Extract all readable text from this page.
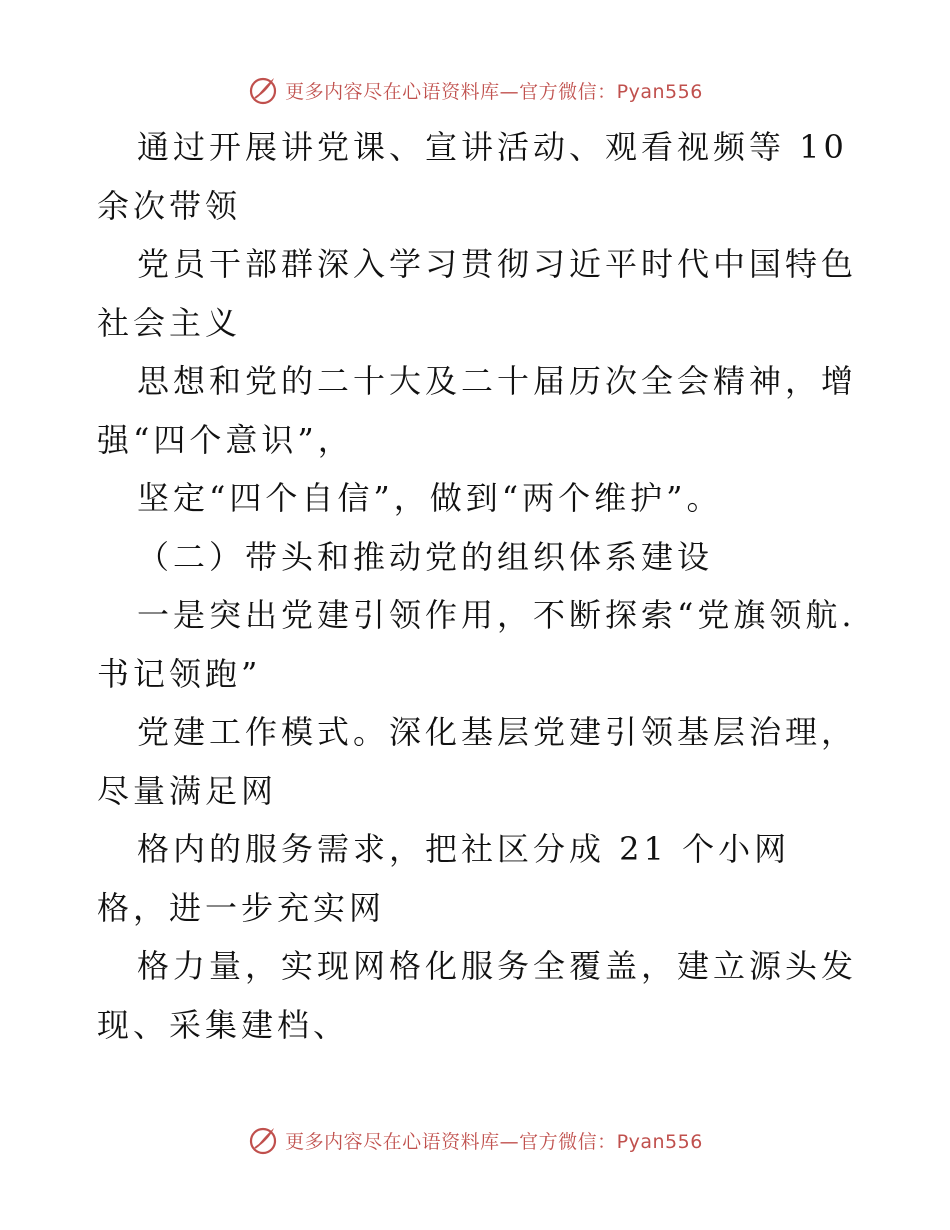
更多内容尽在心语资料库—官方微信：Pyan556

通过开展讲党课、宣讲活动、观看视频等 10 余次带领

党员干部群深入学习贯彻习近平时代中国特色社会主义

思想和党的二十大及二十届历次全会精神，增强“四个意识”，

坚定“四个自信”，做到“两个维护”。

（二）带头和推动党的组织体系建设

一是突出党建引领作用，不断探索“党旗领航.书记领跑”

党建工作模式。深化基层党建引领基层治理，尽量满足网

格内的服务需求，把社区分成 21 个小网格，进一步充实网

格力量，实现网格化服务全覆盖，建立源头发现、采集建档、

更多内容尽在心语资料库—官方微信：Pyan556
